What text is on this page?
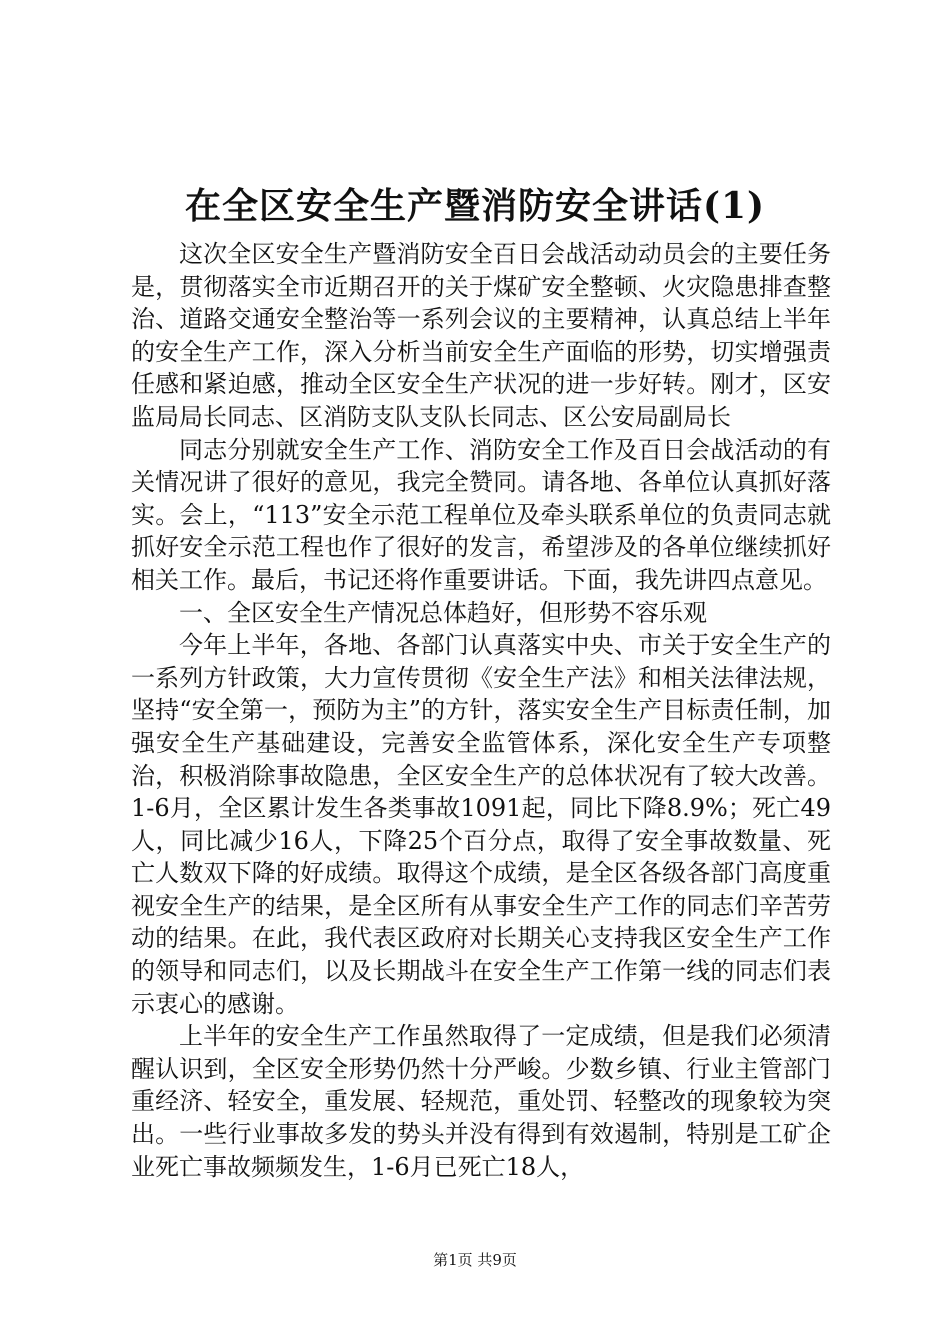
在全区安全生产暨消防安全讲话(1)

这次全区安全生产暨消防安全百日会战活动动员会的主要任务是，贯彻落实全市近期召开的关于煤矿安全整顿、火灾隐患排查整治、道路交通安全整治等一系列会议的主要精神，认真总结上半年的安全生产工作，深入分析当前安全生产面临的形势，切实增强责任感和紧迫感，推动全区安全生产状况的进一步好转。刚才，区安监局局长同志、区消防支队支队长同志、区公安局副局长

同志分别就安全生产工作、消防安全工作及百日会战活动的有关情况讲了很好的意见，我完全赞同。请各地、各单位认真抓好落实。会上，“113”安全示范工程单位及牵头联系单位的负责同志就抓好安全示范工程也作了很好的发言，希望涉及的各单位继续抓好相关工作。最后，书记还将作重要讲话。下面，我先讲四点意见。

一、全区安全生产情况总体趋好，但形势不容乐观

今年上半年，各地、各部门认真落实中央、市关于安全生产的一系列方针政策，大力宣传贯彻《安全生产法》和相关法律法规，坚持“安全第一，预防为主”的方针，落实安全生产目标责任制，加强安全生产基础建设，完善安全监管体系，深化安全生产专项整治，积极消除事故隐患，全区安全生产的总体状况有了较大改善。1-6月，全区累计发生各类事故1091起，同比下降8.9%；死亡49人，同比减少16人，下降25个百分点，取得了安全事故数量、死亡人数双下降的好成绩。取得这个成绩，是全区各级各部门高度重视安全生产的结果，是全区所有从事安全生产工作的同志们辛苦劳动的结果。在此，我代表区政府对长期关心支持我区安全生产工作的领导和同志们，以及长期战斗在安全生产工作第一线的同志们表示衷心的感谢。

上半年的安全生产工作虽然取得了一定成绩，但是我们必须清醒认识到，全区安全形势仍然十分严峻。少数乡镇、行业主管部门重经济、轻安全，重发展、轻规范，重处罚、轻整改的现象较为突出。一些行业事故多发的势头并没有得到有效遏制，特别是工矿企业死亡事故频频发生，1-6月已死亡18人，

第1页 共9页
